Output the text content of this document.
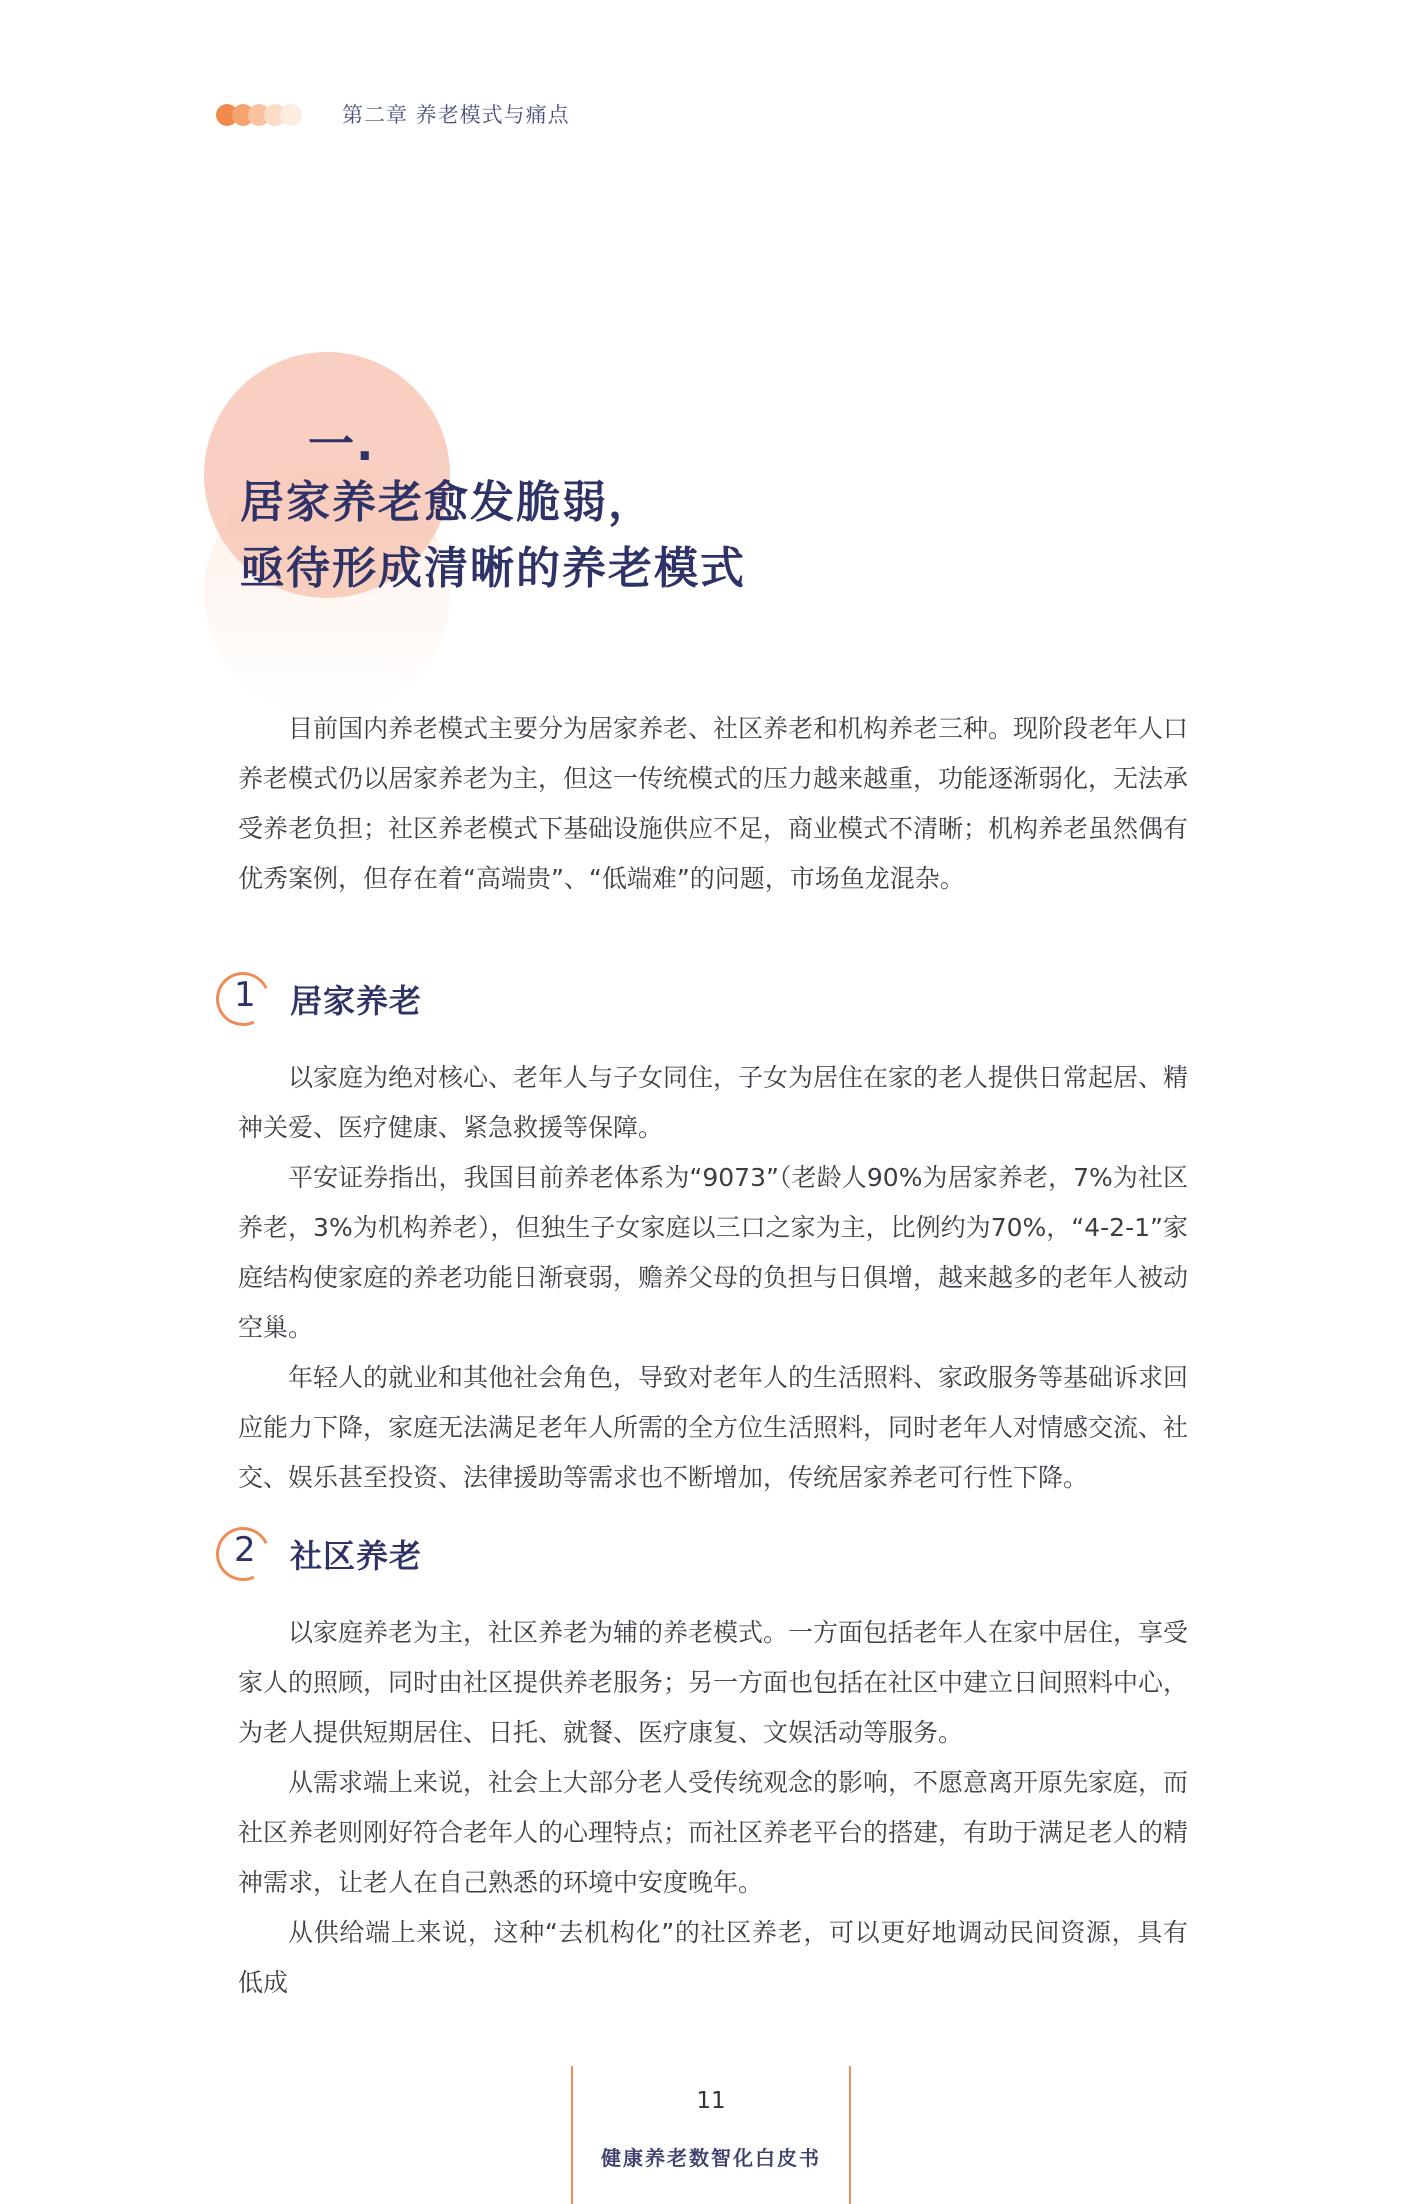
第二章 养老模式与痛点
一.
居家养老愈发脆弱，
亟待形成清晰的养老模式

目前国内养老模式主要分为居家养老、社区养老和机构养老三种。现阶段老年人口养老模式仍以居家养老为主，但这一传统模式的压力越来越重，功能逐渐弱化，无法承受养老负担；社区养老模式下基础设施供应不足，商业模式不清晰；机构养老虽然偶有优秀案例，但存在着“高端贵”、“低端难”的问题，市场鱼龙混杂。

1 居家养老

以家庭为绝对核心、老年人与子女同住，子女为居住在家的老人提供日常起居、精神关爱、医疗健康、紧急救援等保障。

平安证券指出，我国目前养老体系为“9073”（老龄人90%为居家养老，7%为社区养老，3%为机构养老），但独生子女家庭以三口之家为主，比例约为70%，“4-2-1”家庭结构使家庭的养老功能日渐衰弱，赡养父母的负担与日俱增，越来越多的老年人被动空巢。

年轻人的就业和其他社会角色，导致对老年人的生活照料、家政服务等基础诉求回应能力下降，家庭无法满足老年人所需的全方位生活照料，同时老年人对情感交流、社交、娱乐甚至投资、法律援助等需求也不断增加，传统居家养老可行性下降。

2 社区养老

以家庭养老为主，社区养老为辅的养老模式。一方面包括老年人在家中居住，享受家人的照顾，同时由社区提供养老服务；另一方面也包括在社区中建立日间照料中心，为老人提供短期居住、日托、就餐、医疗康复、文娱活动等服务。

从需求端上来说，社会上大部分老人受传统观念的影响，不愿意离开原先家庭，而社区养老则刚好符合老年人的心理特点；而社区养老平台的搭建，有助于满足老人的精神需求，让老人在自己熟悉的环境中安度晚年。

从供给端上来说，这种“去机构化”的社区养老，可以更好地调动民间资源，具有低成

11
健康养老数智化白皮书
